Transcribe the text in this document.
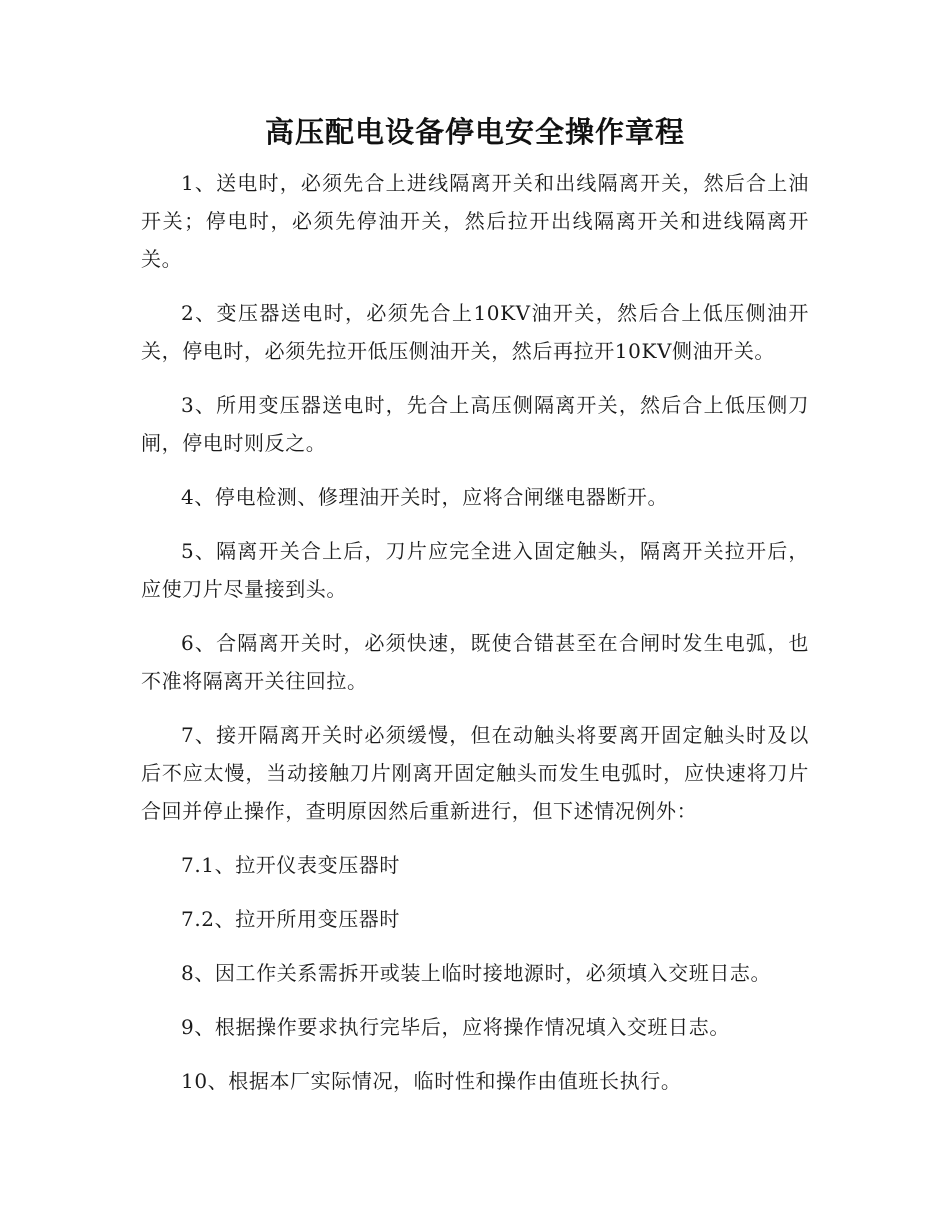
高压配电设备停电安全操作章程

1、送电时，必须先合上进线隔离开关和出线隔离开关，然后合上油开关；停电时，必须先停油开关，然后拉开出线隔离开关和进线隔离开关。

2、变压器送电时，必须先合上10KV油开关，然后合上低压侧油开关，停电时，必须先拉开低压侧油开关，然后再拉开10KV侧油开关。

3、所用变压器送电时，先合上高压侧隔离开关，然后合上低压侧刀闸，停电时则反之。

4、停电检测、修理油开关时，应将合闸继电器断开。

5、隔离开关合上后，刀片应完全进入固定触头，隔离开关拉开后，应使刀片尽量接到头。

6、合隔离开关时，必须快速，既使合错甚至在合闸时发生电弧，也不准将隔离开关往回拉。

7、接开隔离开关时必须缓慢，但在动触头将要离开固定触头时及以后不应太慢，当动接触刀片刚离开固定触头而发生电弧时，应快速将刀片合回并停止操作，查明原因然后重新进行，但下述情况例外：

7.1、拉开仪表变压器时

7.2、拉开所用变压器时

8、因工作关系需拆开或装上临时接地源时，必须填入交班日志。

9、根据操作要求执行完毕后，应将操作情况填入交班日志。

10、根据本厂实际情况，临时性和操作由值班长执行。
